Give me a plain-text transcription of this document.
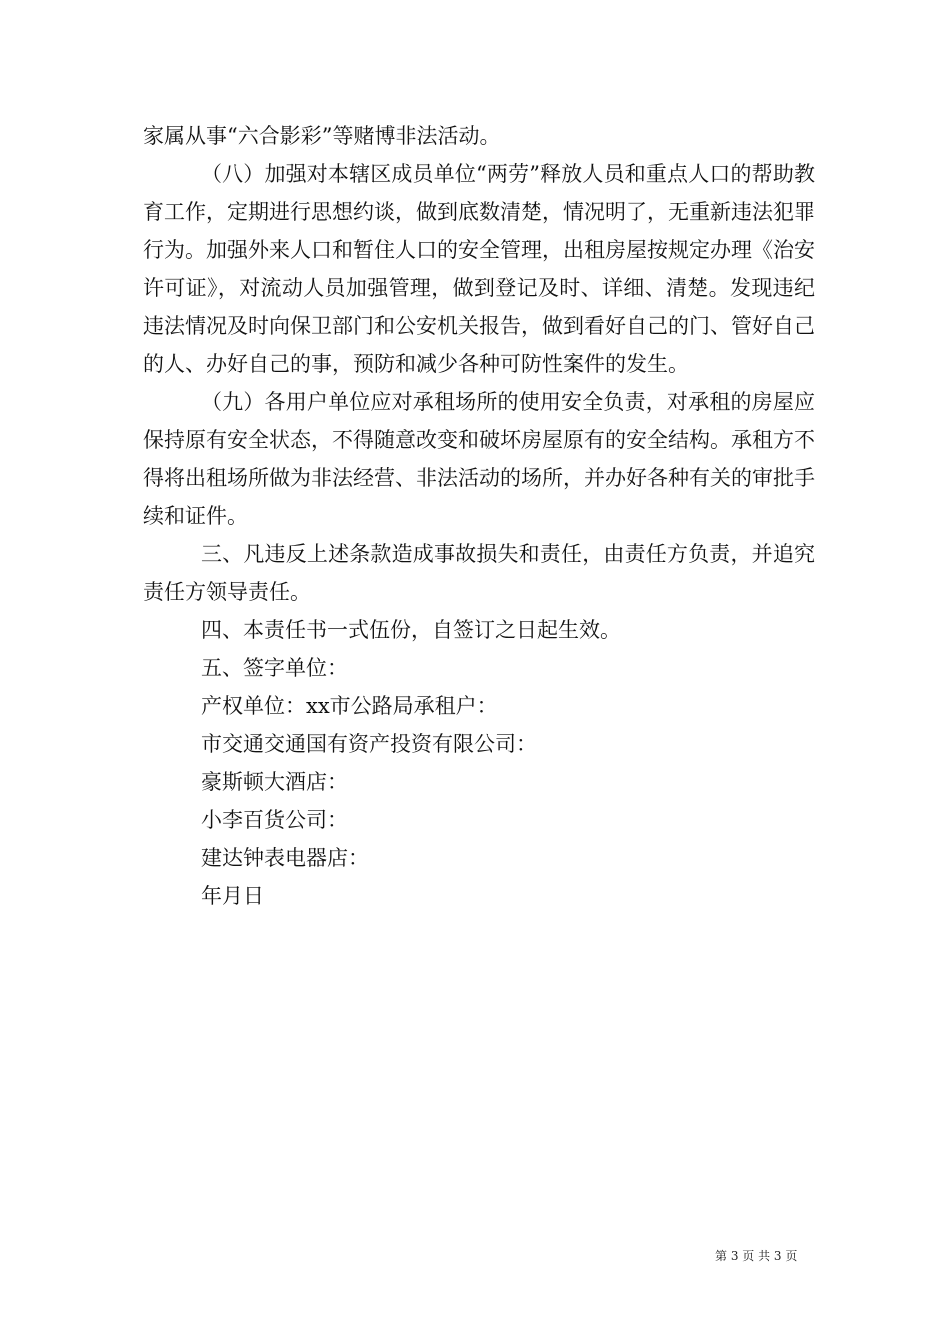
家属从事“六合影彩”等赌博非法活动。

（八）加强对本辖区成员单位“两劳”释放人员和重点人口的帮助教育工作，定期进行思想约谈，做到底数清楚，情况明了，无重新违法犯罪行为。加强外来人口和暂住人口的安全管理，出租房屋按规定办理《治安许可证》，对流动人员加强管理，做到登记及时、详细、清楚。发现违纪违法情况及时向保卫部门和公安机关报告，做到看好自己的门、管好自己的人、办好自己的事，预防和减少各种可防性案件的发生。

（九）各用户单位应对承租场所的使用安全负责，对承租的房屋应保持原有安全状态，不得随意改变和破坏房屋原有的安全结构。承租方不得将出租场所做为非法经营、非法活动的场所，并办好各种有关的审批手续和证件。

三、凡违反上述条款造成事故损失和责任，由责任方负责，并追究责任方领导责任。

四、本责任书一式伍份，自签订之日起生效。

五、签字单位：

产权单位：xx市公路局承租户：

市交通交通国有资产投资有限公司：

豪斯顿大酒店：

小李百货公司：

建达钟表电器店：

年月日

第 3 页 共 3 页
